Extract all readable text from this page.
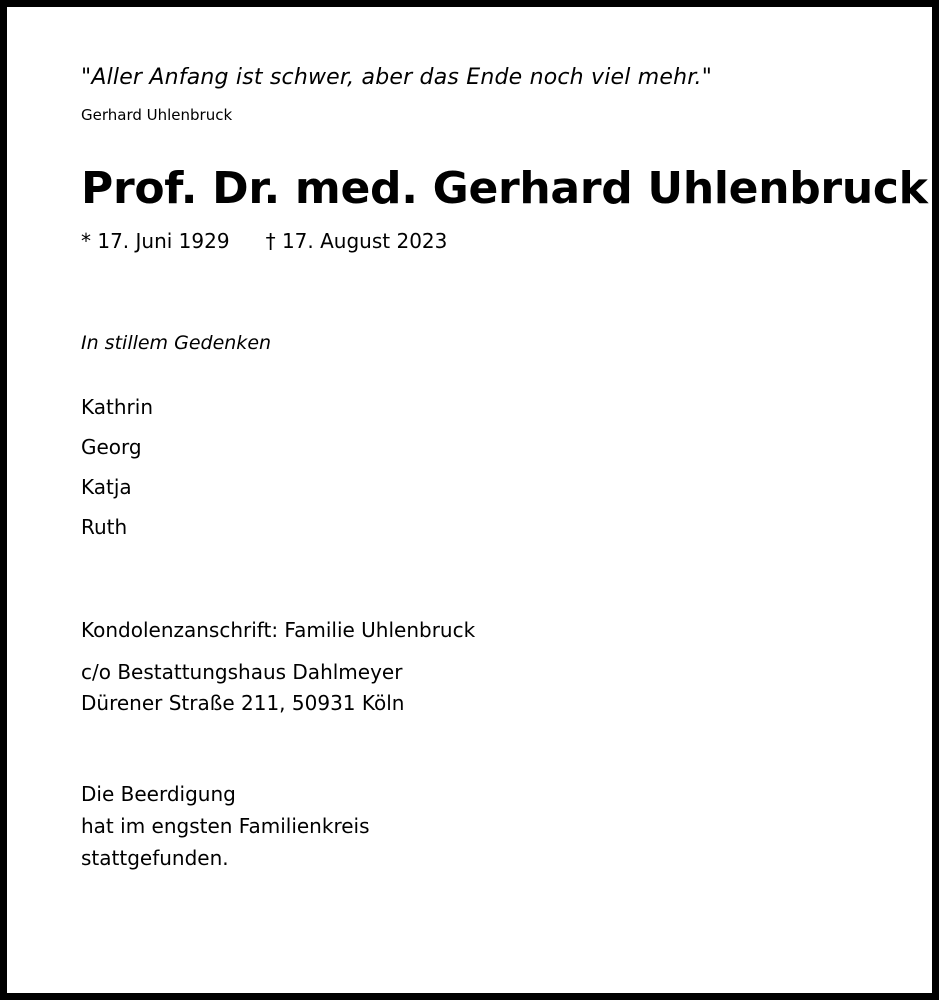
"Aller Anfang ist schwer, aber das Ende noch viel mehr."
Gerhard Uhlenbruck
Prof. Dr. med. Gerhard Uhlenbruck
* 17. Juni 1929 † 17. August 2023
In stillem Gedenken
Kathrin
Georg
Katja
Ruth
Kondolenzanschrift: Familie Uhlenbruck
c/o Bestattungshaus Dahlmeyer
Dürener Straße 211, 50931 Köln
Die Beerdigung
hat im engsten Familienkreis
stattgefunden.
